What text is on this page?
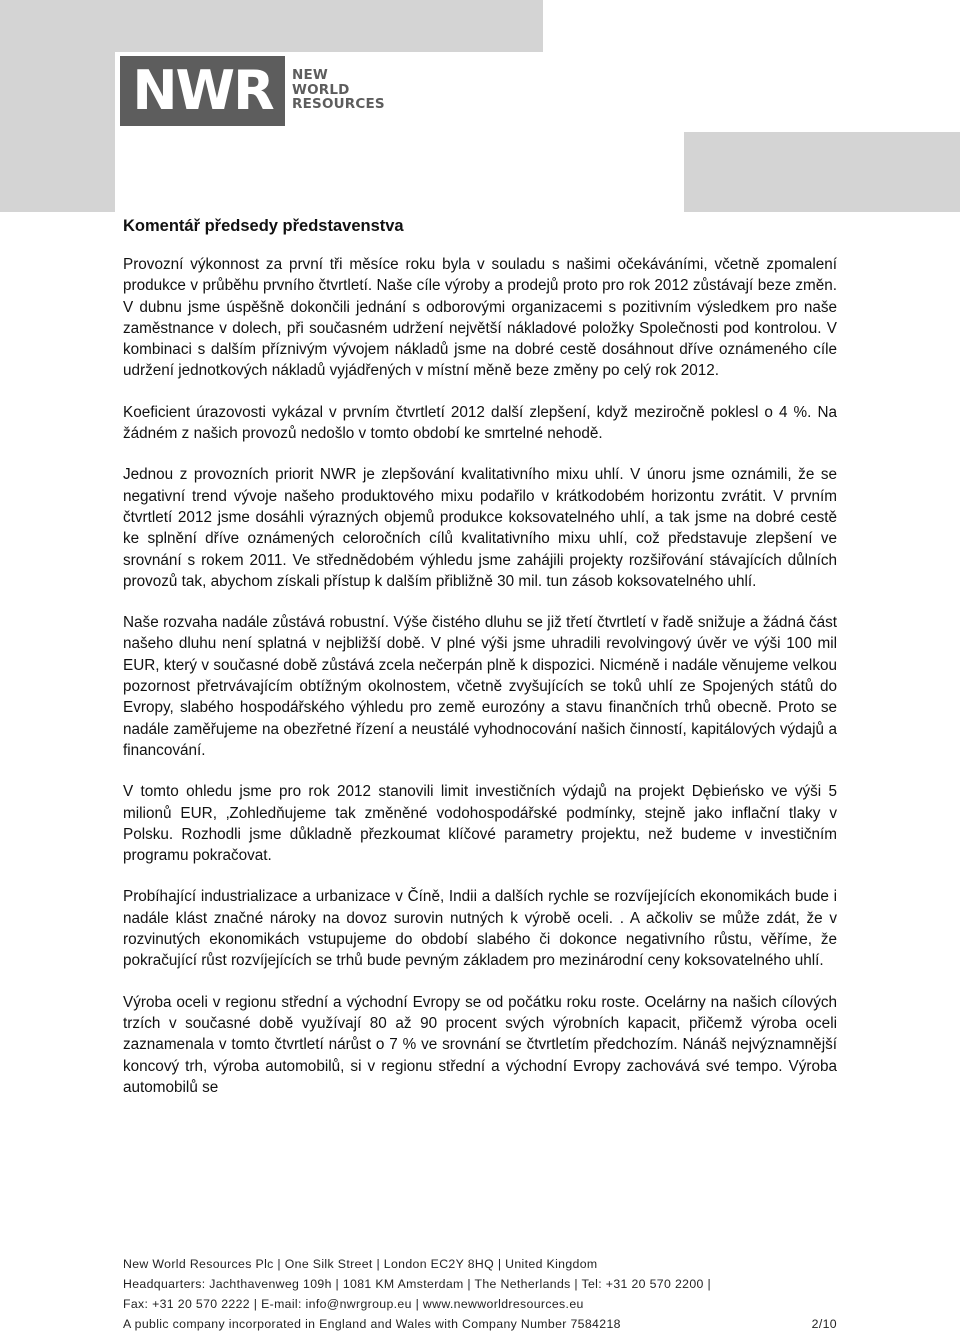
NWR NEW
WORLD
RESOURCES
Komentář předsedy představenstva

Provozní výkonnost za první tři měsíce roku byla v souladu s našimi očekáváními, včetně zpomalení produkce v průběhu prvního čtvrtletí. Naše cíle výroby a prodejů proto pro rok 2012 zůstávají beze změn. V dubnu jsme úspěšně dokončili jednání s odborovými organizacemi s pozitivním výsledkem pro naše zaměstnance v dolech, při současném udržení největší nákladové položky Společnosti pod kontrolou. V kombinaci s dalším příznivým vývojem nákladů jsme na dobré cestě dosáhnout dříve oznámeného cíle udržení jednotkových nákladů vyjádřených v místní měně beze změny po celý rok 2012.

Koeficient úrazovosti vykázal v prvním čtvrtletí 2012 další zlepšení, když meziročně poklesl o 4 %. Na žádném z našich provozů nedošlo v tomto období ke smrtelné nehodě.

Jednou z provozních priorit NWR je zlepšování kvalitativního mixu uhlí. V únoru jsme oznámili, že se negativní trend vývoje našeho produktového mixu podařilo v krátkodobém horizontu zvrátit. V prvním čtvrtletí 2012 jsme dosáhli výrazných objemů produkce koksovatelného uhlí, a tak jsme na dobré cestě ke splnění dříve oznámených celoročních cílů kvalitativního mixu uhlí, což představuje zlepšení ve srovnání s rokem 2011. Ve střednědobém výhledu jsme zahájili projekty rozšiřování stávajících důlních provozů tak, abychom získali přístup k dalším přibližně 30 mil. tun zásob koksovatelného uhlí.

Naše rozvaha nadále zůstává robustní. Výše čistého dluhu se již třetí čtvrtletí v řadě snižuje a žádná část našeho dluhu není splatná v nejbližší době. V plné výši jsme uhradili revolvingový úvěr ve výši 100 mil EUR, který v současné době zůstává zcela nečerpán plně k dispozici. Nicméně i nadále věnujeme velkou pozornost přetrvávajícím obtížným okolnostem, včetně zvyšujících se toků uhlí ze Spojených států do Evropy, slabého hospodářského výhledu pro země eurozóny a stavu finančních trhů obecně. Proto se nadále zaměřujeme na obezřetné řízení a neustálé vyhodnocování našich činností, kapitálových výdajů a financování.

V tomto ohledu jsme pro rok 2012 stanovili limit investičních výdajů na projekt Dębieńsko ve výši 5 milionů EUR, ‚Zohledňujeme tak změněné vodohospodářské podmínky, stejně jako inflační tlaky v Polsku. Rozhodli jsme důkladně přezkoumat klíčové parametry projektu, než budeme v investičním programu pokračovat.

Probíhající industrializace a urbanizace v Číně, Indii a dalších rychle se rozvíjejících ekonomikách bude i nadále klást značné nároky na dovoz surovin nutných k výrobě oceli. . A ačkoliv se může zdát, že v rozvinutých ekonomikách vstupujeme do období slabého či dokonce negativního růstu, věříme, že pokračující růst rozvíjejících se trhů bude pevným základem pro mezinárodní ceny koksovatelného uhlí.

Výroba oceli v regionu střední a východní Evropy se od počátku roku roste. Ocelárny na našich cílových trzích v současné době využívají 80 až 90 procent svých výrobních kapacit, přičemž výroba oceli zaznamenala v tomto čtvrtletí nárůst o 7 % ve srovnání se čtvrtletím předchozím. Nánáš nejvýznamnější koncový trh, výroba automobilů, si v regionu střední a východní Evropy zachovává své tempo. Výroba automobilů se

New World Resources Plc | One Silk Street | London EC2Y 8HQ | United Kingdom
Headquarters: Jachthavenweg 109h | 1081 KM Amsterdam | The Netherlands | Tel: +31 20 570 2200 |
Fax: +31 20 570 2222 | E-mail: info@nwrgroup.eu | www.newworldresources.eu
A public company incorporated in England and Wales with Company Number 7584218	2/10
